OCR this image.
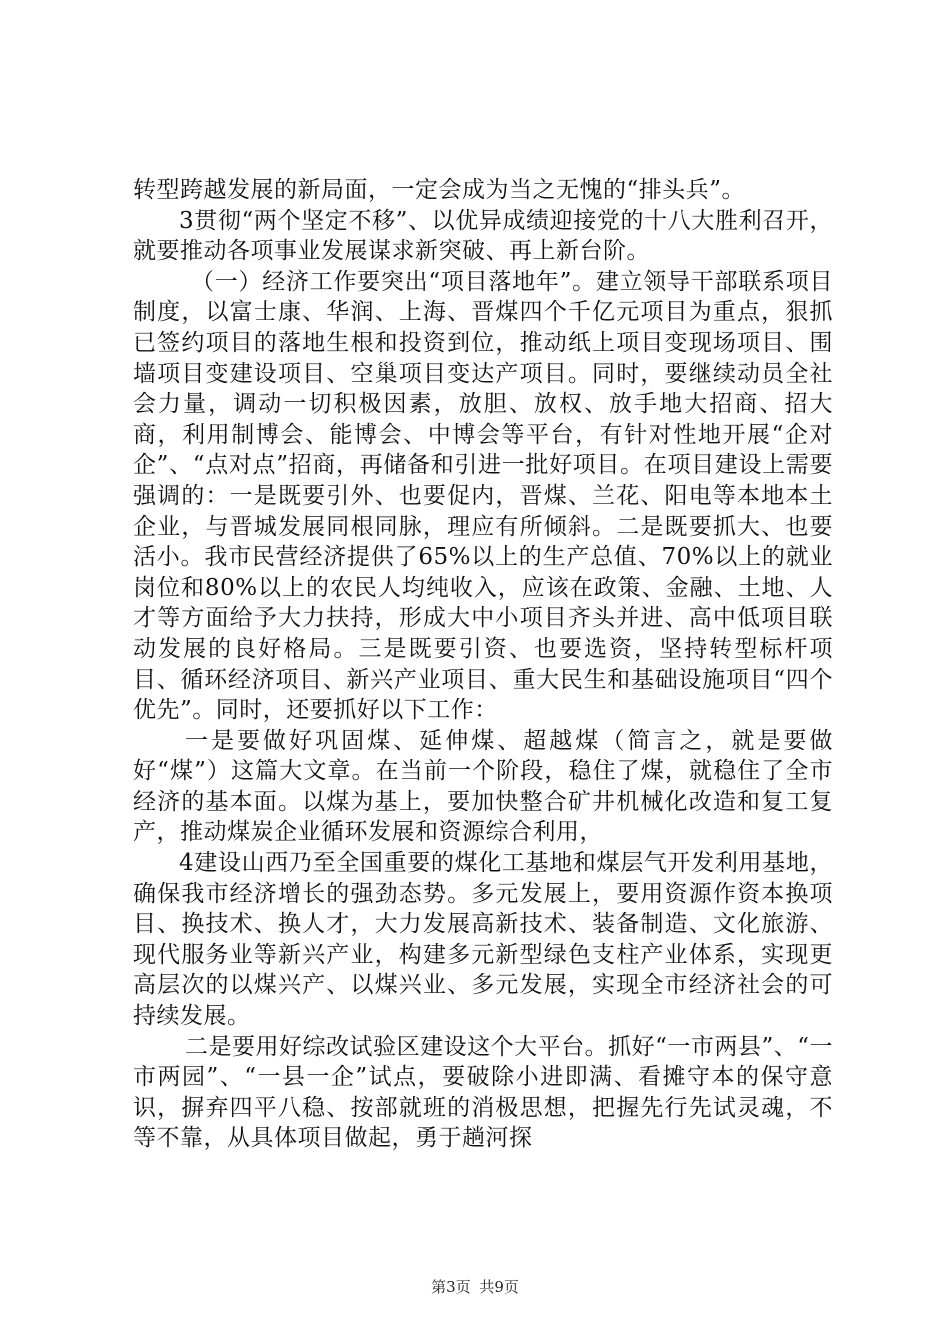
转型跨越发展的新局面，一定会成为当之无愧的“排头兵”。

3贯彻“两个坚定不移”、以优异成绩迎接党的十八大胜利召开，就要推动各项事业发展谋求新突破、再上新台阶。

（一）经济工作要突出“项目落地年”。建立领导干部联系项目制度，以富士康、华润、上海、晋煤四个千亿元项目为重点，狠抓已签约项目的落地生根和投资到位，推动纸上项目变现场项目、围墙项目变建设项目、空巢项目变达产项目。同时，要继续动员全社会力量，调动一切积极因素，放胆、放权、放手地大招商、招大商，利用制博会、能博会、中博会等平台，有针对性地开展“企对企”、“点对点”招商，再储备和引进一批好项目。在项目建设上需要强调的：一是既要引外、也要促内，晋煤、兰花、阳电等本地本土企业，与晋城发展同根同脉，理应有所倾斜。二是既要抓大、也要活小。我市民营经济提供了65%以上的生产总值、70%以上的就业岗位和80%以上的农民人均纯收入，应该在政策、金融、土地、人才等方面给予大力扶持，形成大中小项目齐头并进、高中低项目联动发展的良好格局。三是既要引资、也要选资，坚持转型标杆项目、循环经济项目、新兴产业项目、重大民生和基础设施项目“四个优先”。同时，还要抓好以下工作：

一是要做好巩固煤、延伸煤、超越煤（简言之，就是要做好“煤”）这篇大文章。在当前一个阶段，稳住了煤，就稳住了全市经济的基本面。以煤为基上，要加快整合矿井机械化改造和复工复产，推动煤炭企业循环发展和资源综合利用，

4建设山西乃至全国重要的煤化工基地和煤层气开发利用基地，确保我市经济增长的强劲态势。多元发展上，要用资源作资本换项目、换技术、换人才，大力发展高新技术、装备制造、文化旅游、现代服务业等新兴产业，构建多元新型绿色支柱产业体系，实现更高层次的以煤兴产、以煤兴业、多元发展，实现全市经济社会的可持续发展。

二是要用好综改试验区建设这个大平台。抓好“一市两县”、“一市两园”、“一县一企”试点，要破除小进即满、看摊守本的保守意识，摒弃四平八稳、按部就班的消极思想，把握先行先试灵魂，不等不靠，从具体项目做起，勇于趟河探

第3页 共9页
